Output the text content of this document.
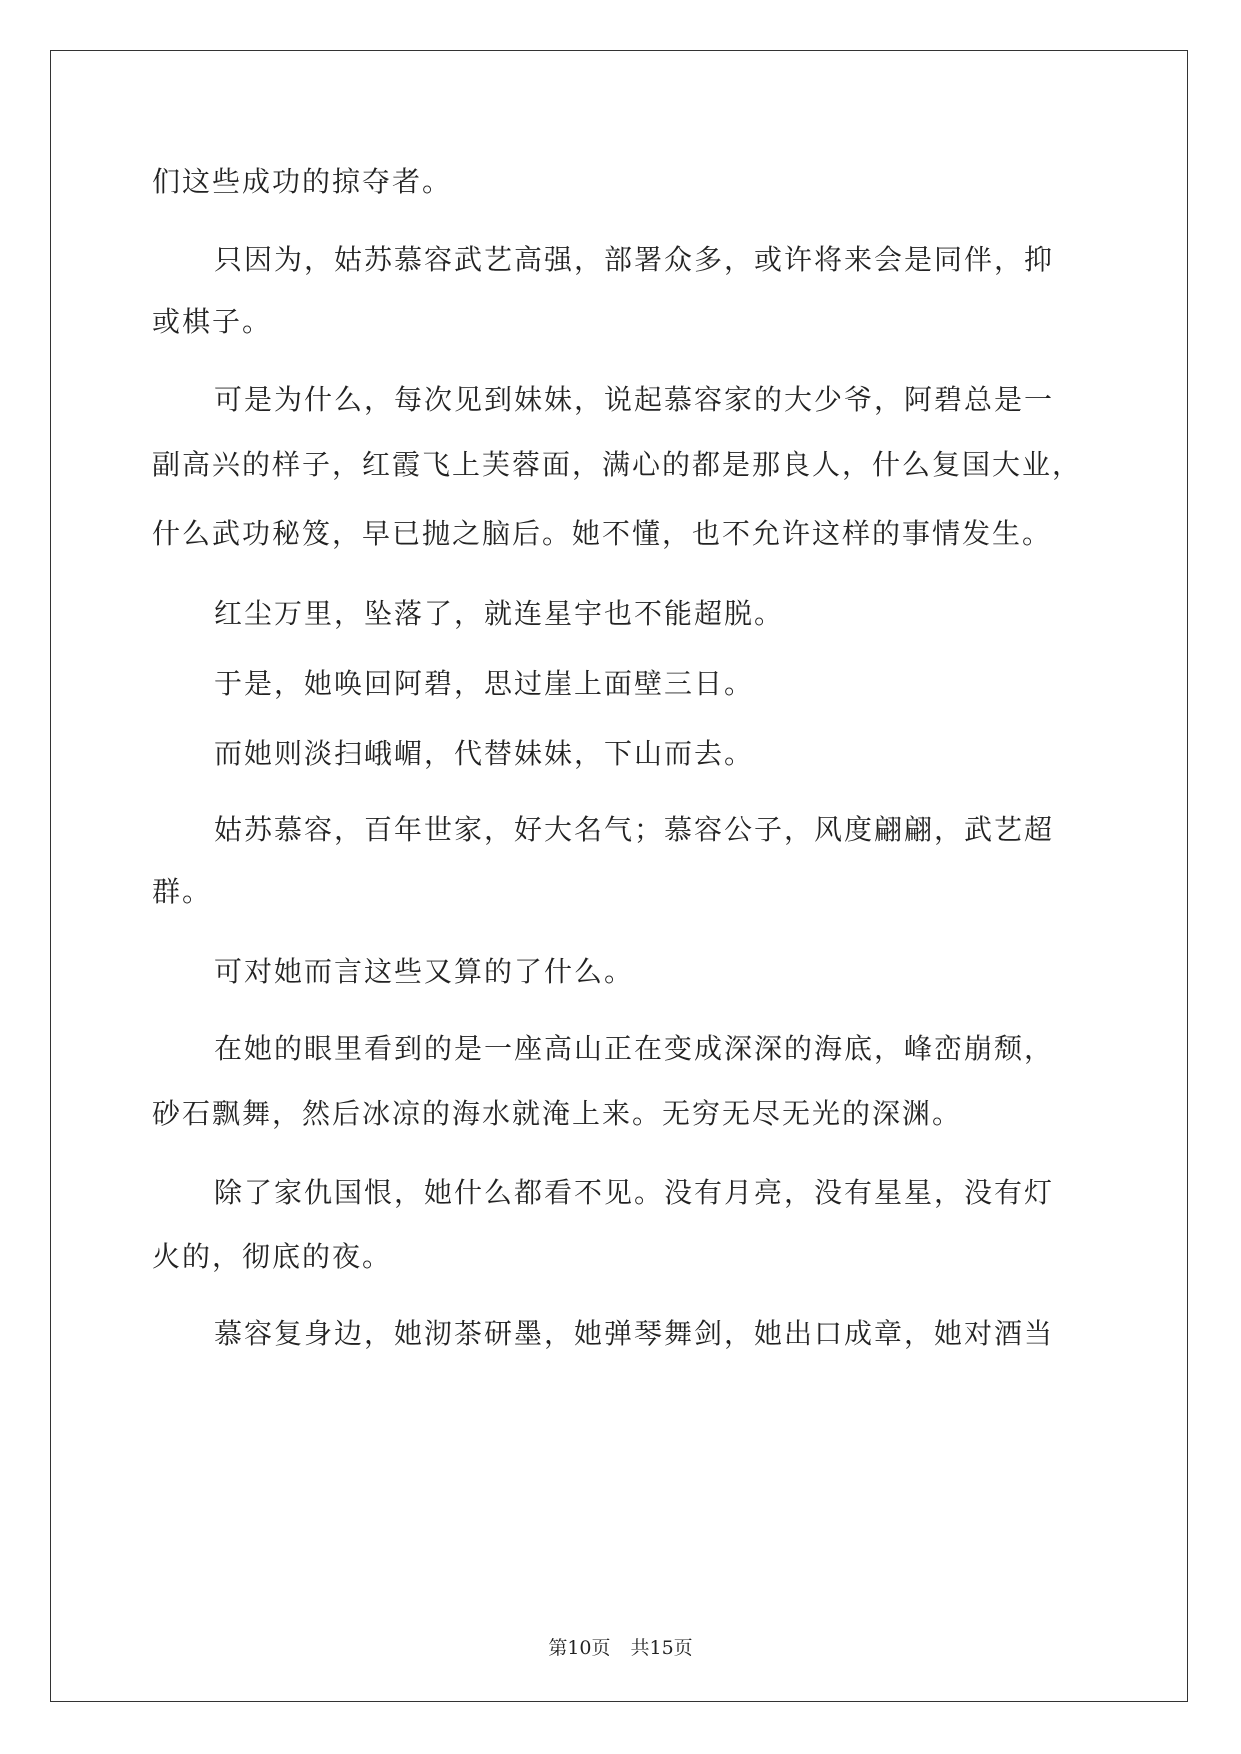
们这些成功的掠夺者。
只因为，姑苏慕容武艺高强，部署众多，或许将来会是同伴，抑
或棋子。
可是为什么，每次见到妹妹，说起慕容家的大少爷，阿碧总是一
副高兴的样子，红霞飞上芙蓉面，满心的都是那良人，什么复国大业，
什么武功秘笈，早已抛之脑后。她不懂，也不允许这样的事情发生。
红尘万里，坠落了，就连星宇也不能超脱。
于是，她唤回阿碧，思过崖上面壁三日。
而她则淡扫峨嵋，代替妹妹，下山而去。
姑苏慕容，百年世家，好大名气；慕容公子，风度翩翩，武艺超
群。
可对她而言这些又算的了什么。
在她的眼里看到的是一座高山正在变成深深的海底，峰峦崩颓，
砂石飘舞，然后冰凉的海水就淹上来。无穷无尽无光的深渊。
除了家仇国恨，她什么都看不见。没有月亮，没有星星，没有灯
火的，彻底的夜。
慕容复身边，她沏茶研墨，她弹琴舞剑，她出口成章，她对酒当
第10页 共15页
